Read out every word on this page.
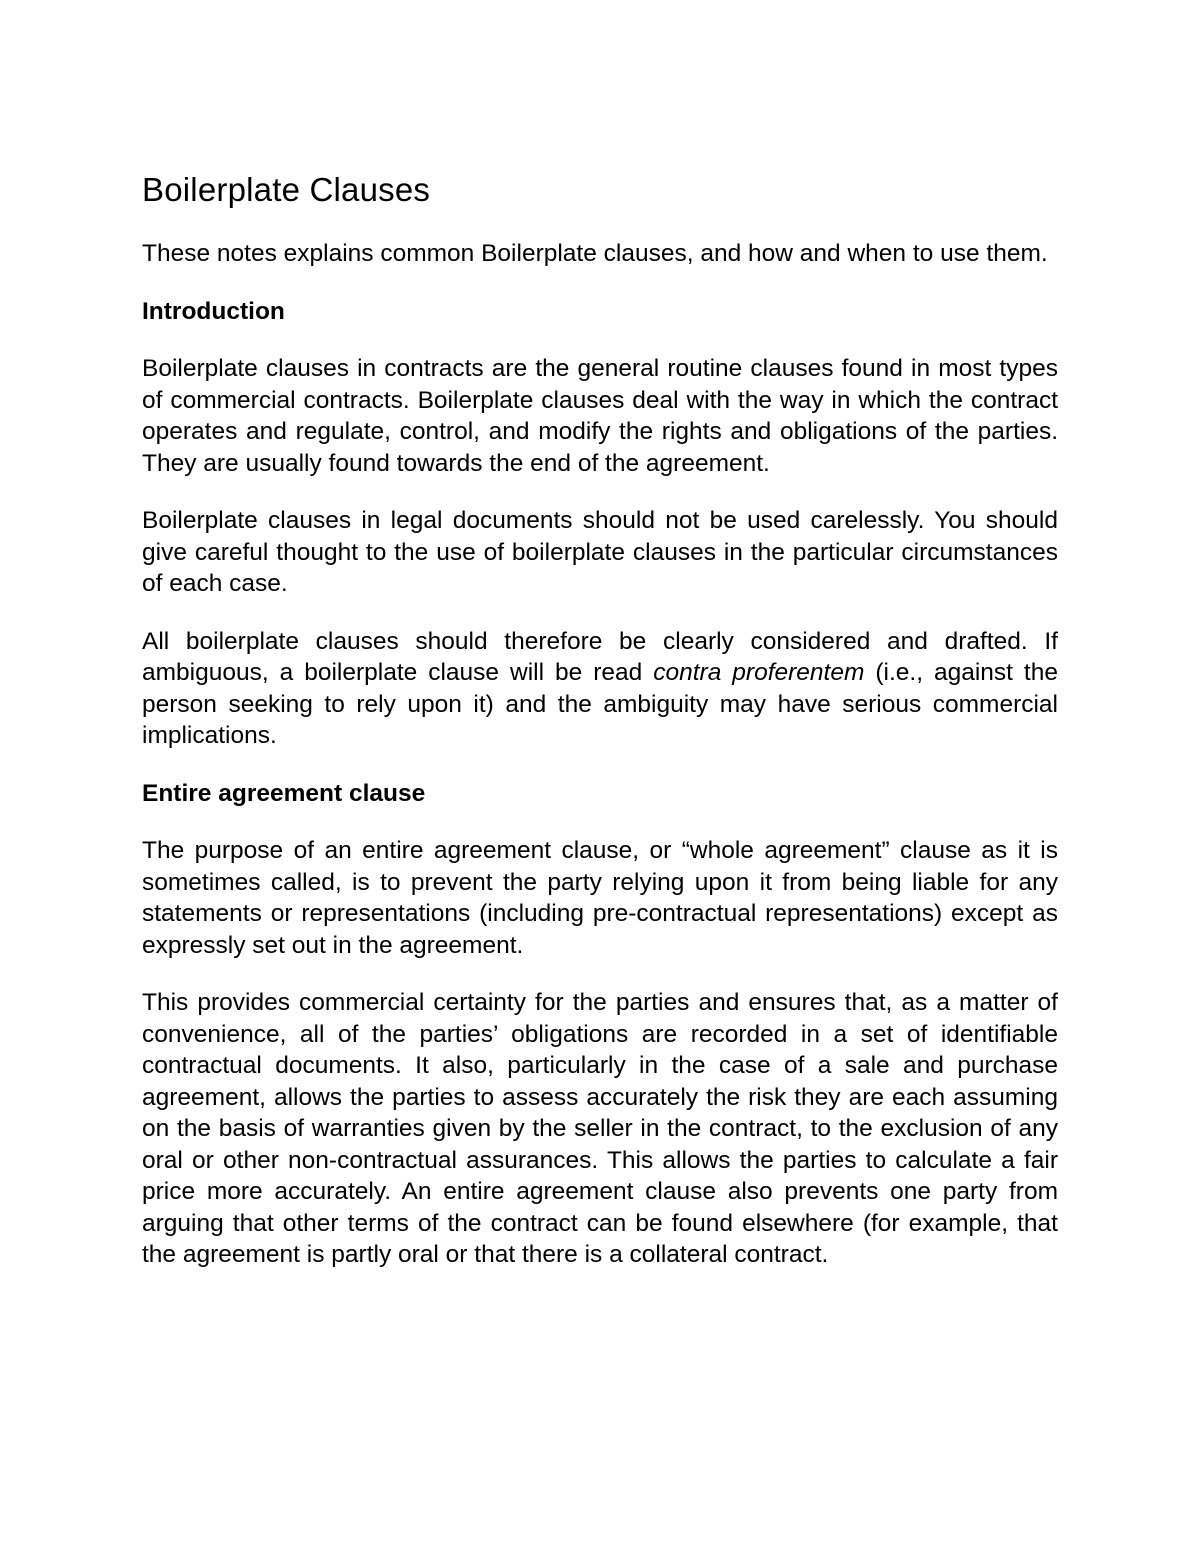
Boilerplate Clauses

These notes explains common Boilerplate clauses, and how and when to use them.

Introduction

Boilerplate clauses in contracts are the general routine clauses found in most types of commercial contracts. Boilerplate clauses deal with the way in which the contract operates and regulate, control, and modify the rights and obligations of the parties. They are usually found towards the end of the agreement.

Boilerplate clauses in legal documents should not be used carelessly. You should give careful thought to the use of boilerplate clauses in the particular circumstances of each case.

All boilerplate clauses should therefore be clearly considered and drafted. If ambiguous, a boilerplate clause will be read contra proferentem (i.e., against the person seeking to rely upon it) and the ambiguity may have serious commercial implications.

Entire agreement clause

The purpose of an entire agreement clause, or “whole agreement” clause as it is sometimes called, is to prevent the party relying upon it from being liable for any statements or representations (including pre-contractual representations) except as expressly set out in the agreement.

This provides commercial certainty for the parties and ensures that, as a matter of convenience, all of the parties’ obligations are recorded in a set of identifiable contractual documents. It also, particularly in the case of a sale and purchase agreement, allows the parties to assess accurately the risk they are each assuming on the basis of warranties given by the seller in the contract, to the exclusion of any oral or other non-contractual assurances. This allows the parties to calculate a fair price more accurately. An entire agreement clause also prevents one party from arguing that other terms of the contract can be found elsewhere (for example, that the agreement is partly oral or that there is a collateral contract.
